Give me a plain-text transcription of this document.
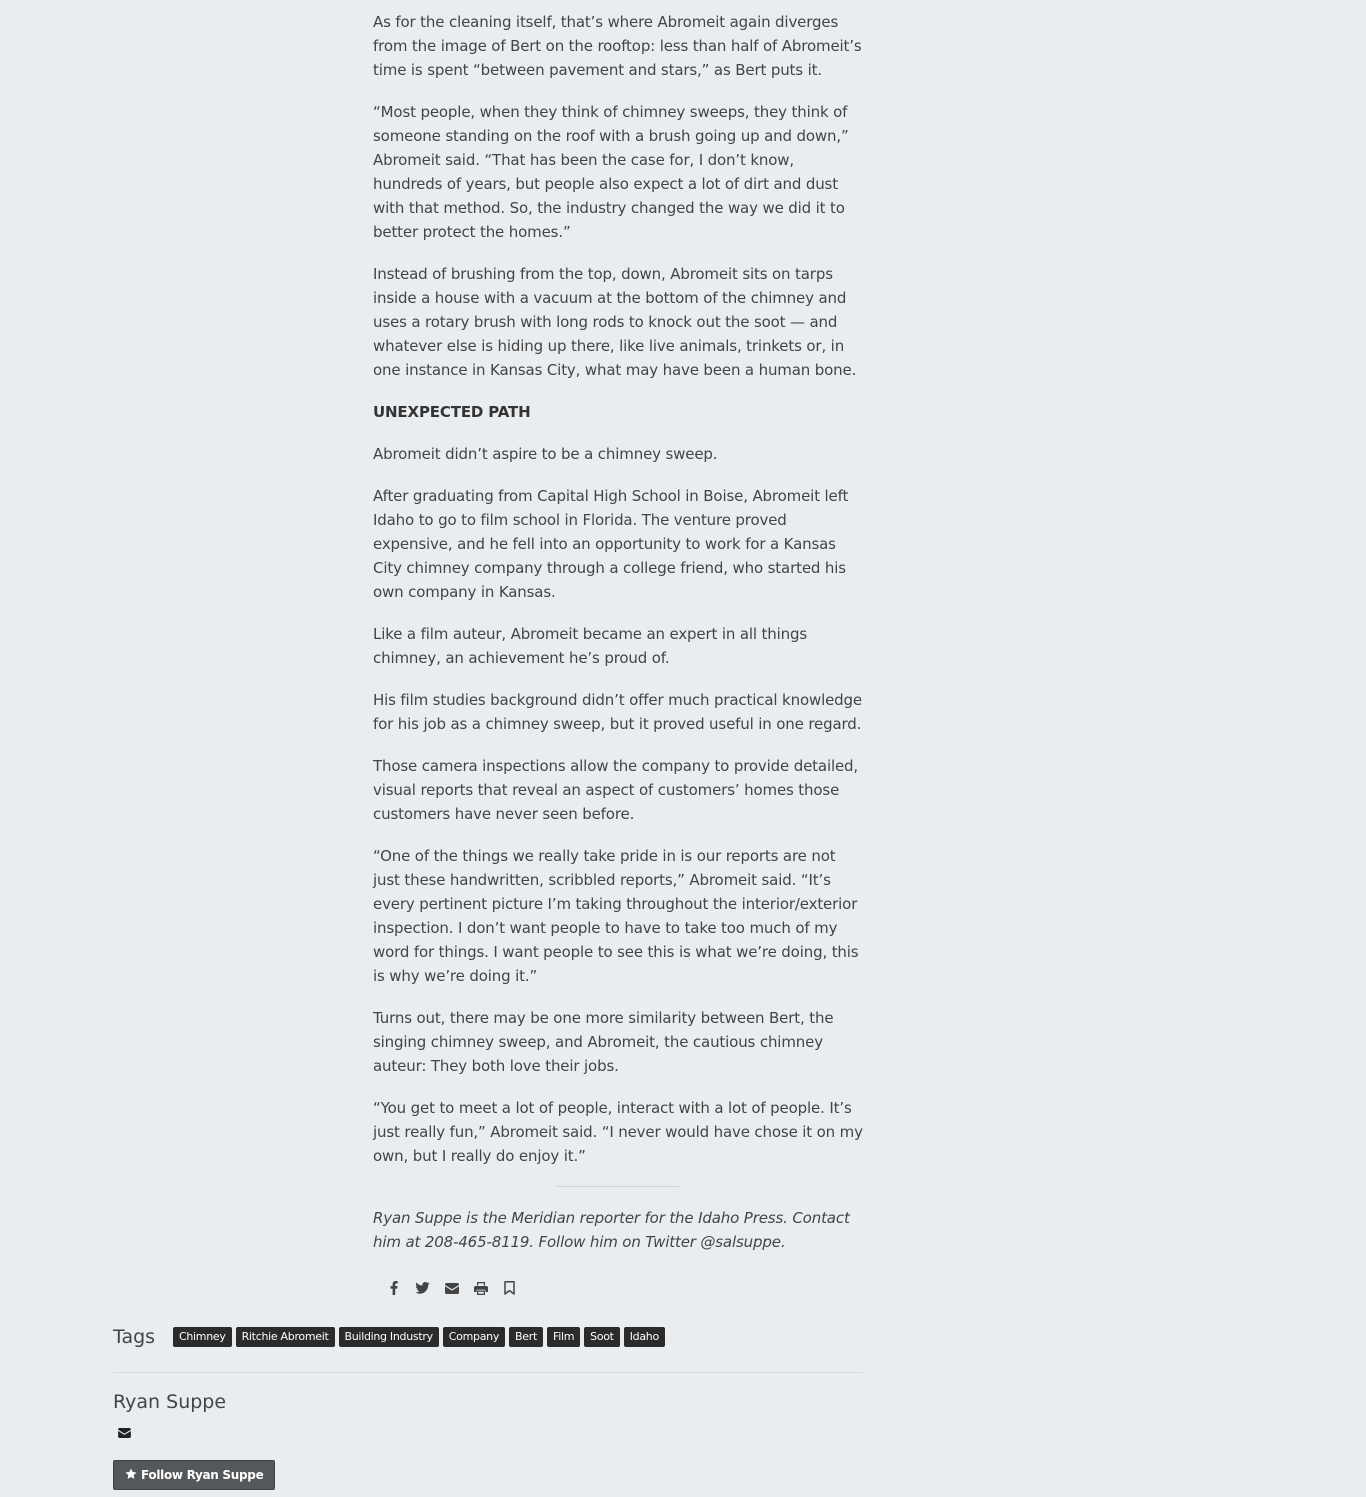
As for the cleaning itself, that’s where Abromeit again diverges from the image of Bert on the rooftop: less than half of Abromeit’s time is spent “between pavement and stars,” as Bert puts it.

“Most people, when they think of chimney sweeps, they think of someone standing on the roof with a brush going up and down,” Abromeit said. “That has been the case for, I don’t know, hundreds of years, but people also expect a lot of dirt and dust with that method. So, the industry changed the way we did it to better protect the homes.”

Instead of brushing from the top, down, Abromeit sits on tarps inside a house with a vacuum at the bottom of the chimney and uses a rotary brush with long rods to knock out the soot — and whatever else is hiding up there, like live animals, trinkets or, in one instance in Kansas City, what may have been a human bone.

UNEXPECTED PATH

Abromeit didn’t aspire to be a chimney sweep.

After graduating from Capital High School in Boise, Abromeit left Idaho to go to film school in Florida. The venture proved expensive, and he fell into an opportunity to work for a Kansas City chimney company through a college friend, who started his own company in Kansas.

Like a film auteur, Abromeit became an expert in all things chimney, an achievement he’s proud of.

His film studies background didn’t offer much practical knowledge for his job as a chimney sweep, but it proved useful in one regard.

Those camera inspections allow the company to provide detailed, visual reports that reveal an aspect of customers’ homes those customers have never seen before.

“One of the things we really take pride in is our reports are not just these handwritten, scribbled reports,” Abromeit said. “It’s every pertinent picture I’m taking throughout the interior/exterior inspection. I don’t want people to have to take too much of my word for things. I want people to see this is what we’re doing, this is why we’re doing it.”

Turns out, there may be one more similarity between Bert, the singing chimney sweep, and Abromeit, the cautious chimney auteur: They both love their jobs.

“You get to meet a lot of people, interact with a lot of people. It’s just really fun,” Abromeit said. “I never would have chose it on my own, but I really do enjoy it.”

Ryan Suppe is the Meridian reporter for the Idaho Press. Contact him at 208-465-8119. Follow him on Twitter @salsuppe.

Tags	Chimney	Ritchie Abromeit	Building Industry	Company	Bert	Film	Soot	Idaho
Ryan Suppe
Follow Ryan Suppe
